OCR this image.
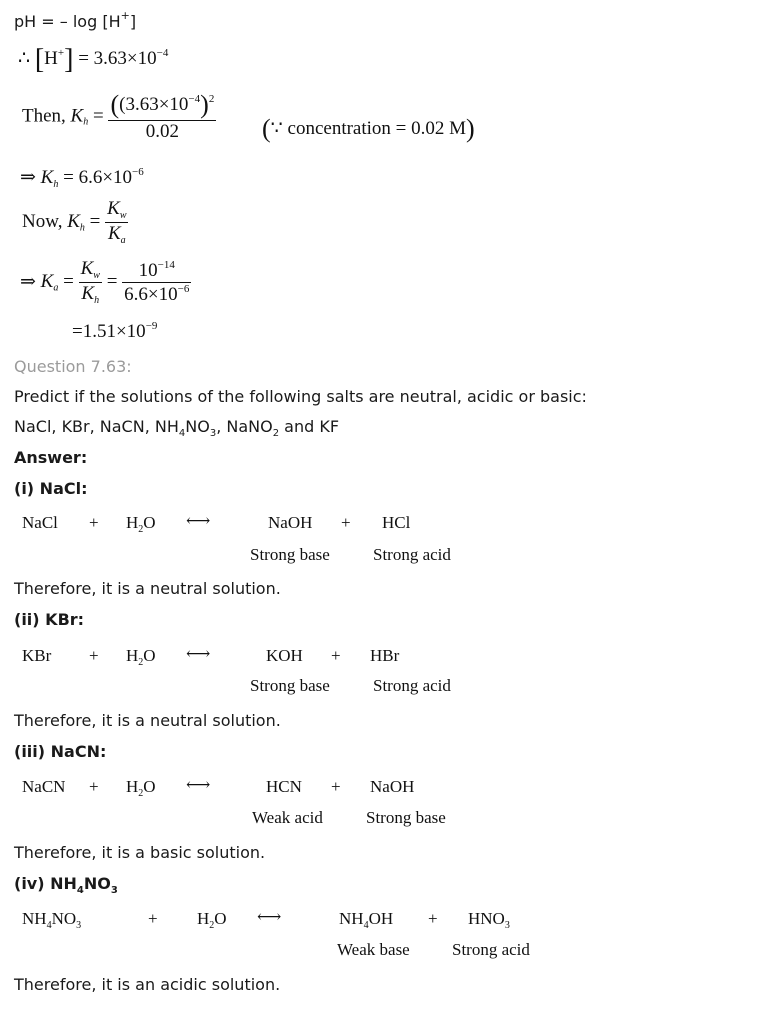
pH = – log [H+]
∴ $[H^+] = 3.63\times 10^{-4}$
Then, $K_h = \frac{((3.63\times 10^{-4})^2}{0.02}$ (∵ concentration = 0.02 M)
⇒ $K_h = 6.6\times 10^{-6}$
Now, $K_h = \frac{K_w}{K_a}$
⇒ $K_a = \frac{K_w}{K_h} = \frac{10^{-14}}{6.6\times 10^{-6}}$
$=1.51\times 10^{-9}$
Question 7.63:
Predict if the solutions of the following salts are neutral, acidic or basic:
NaCl, KBr, NaCN, $NH_4NO_3$, NaNO$_2$ and KF
Answer:
(i) NaCl:
NaCl + $H_2O$ ⟷	NaOH + HCl
Strong base	Strong acid
Therefore, it is a neutral solution.
(ii) KBr:
KBr + $H_2O$ ⟷	KOH + HBr
Strong base	Strong acid
Therefore, it is a neutral solution.
(iii) NaCN:
NaCN + $H_2O$ ⟷	HCN + NaOH
Weak acid	Strong base
Therefore, it is a basic solution.
(iv) $NH_4NO_3$
$NH_4NO_3$	+ $H_2O$ ⟷	$NH_4OH + HNO_3$
Weak base Strong acid
Therefore, it is an acidic solution.
